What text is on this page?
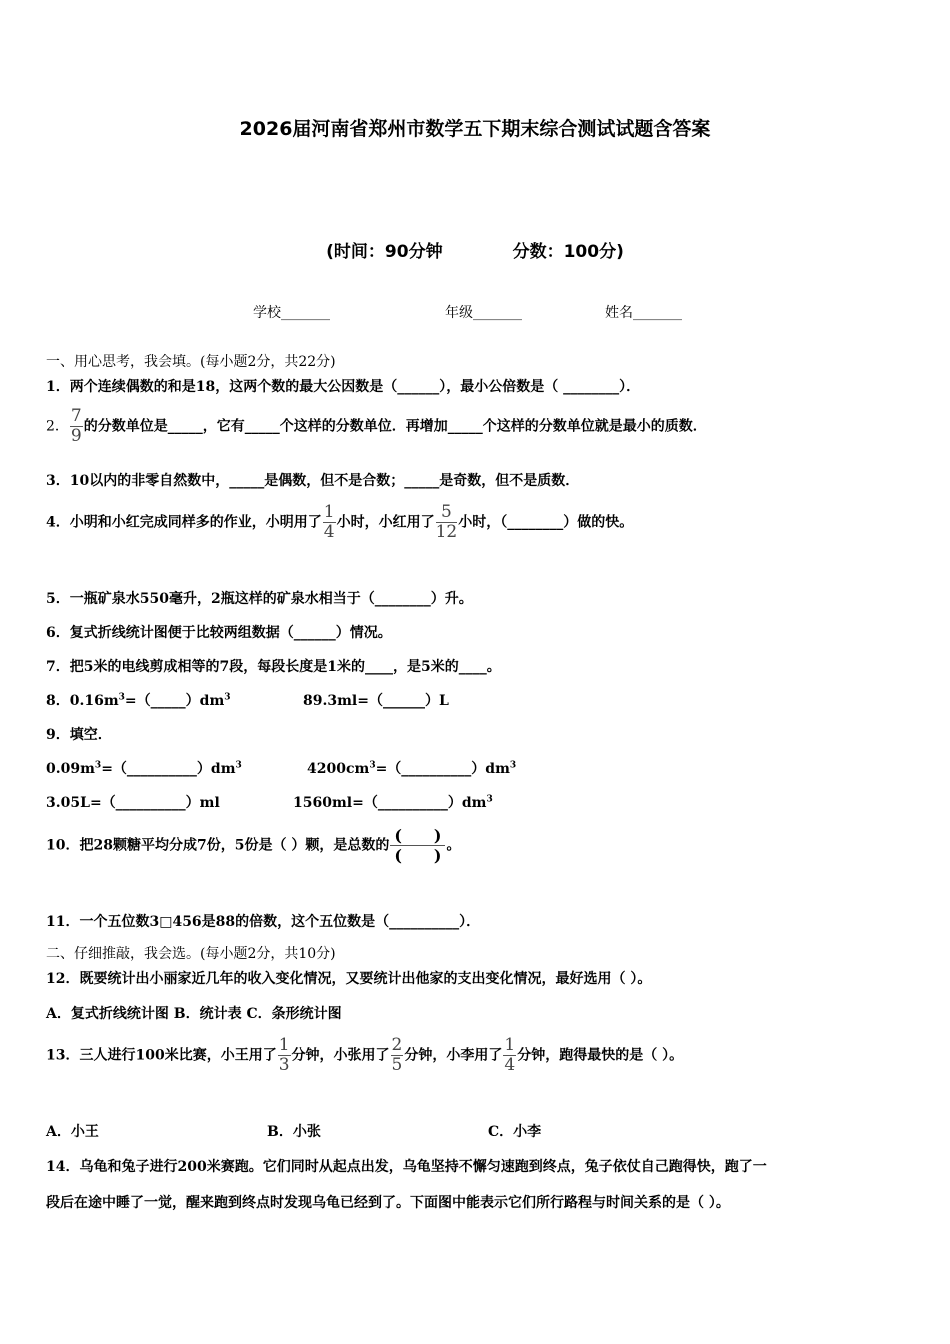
2026届河南省郑州市数学五下期末综合测试试题含答案
(时间：90分钟	分数：100分)
学校_______	年级_______	姓名_______
一、用心思考，我会填。(每小题2分，共22分)
1．两个连续偶数的和是18，这两个数的最大公因数是（______），最小公倍数是（ ________）．
2． $\frac{7}{9}$ 的分数单位是_____，它有_____个这样的分数单位．再增加_____个这样的分数单位就是最小的质数．
3．10以内的非零自然数中，_____是偶数，但不是合数；_____是奇数，但不是质数．
4．小明和小红完成同样多的作业，小明用了 $\frac{1}{4}$ 小时，小红用了 $\frac{5}{12}$ 小时，（________）做的快。
5．一瓶矿泉水550毫升，2瓶这样的矿泉水相当于（________）升。
6．复式折线统计图便于比较两组数据（______）情况。
7．把5米的电线剪成相等的7段，每段长度是1米的____，是5米的____。
8．$0.16m^3=(\_\_\_\_\_)dm^3$	89.3ml=（______）L
9．填空．
$0.09m^3=(\_\_\_\_\_\_\_\_\_\_)dm^3$	$4200cm^3=(\_\_\_\_\_\_\_\_\_\_)dm^3$
3.05L=（__________）ml	$1560ml=(\_\_\_\_\_\_\_\_\_\_)dm^3$
10．把28颗糖平均分成7份，5份是（ ）颗，是总数的 $\frac{( )}{( )}$ 。
11．一个五位数3□456是88的倍数，这个五位数是（__________）．
二、仔细推敲，我会选。(每小题2分，共10分)
12．既要统计出小丽家近几年的收入变化情况，又要统计出他家的支出变化情况，最好选用（ ）。
A．复式折线统计图 B．统计表 C．条形统计图
13．三人进行100米比赛，小王用了 $\frac{1}{3}$ 分钟，小张用了 $\frac{2}{5}$ 分钟，小李用了 $\frac{1}{4}$ 分钟，跑得最快的是（ ）。
A．小王	B．小张	C．小李
14．乌龟和兔子进行200米赛跑。它们同时从起点出发，乌龟坚持不懈匀速跑到终点，兔子依仗自己跑得快，跑了一
段后在途中睡了一觉，醒来跑到终点时发现乌龟已经到了。下面图中能表示它们所行路程与时间关系的是（ ）。
